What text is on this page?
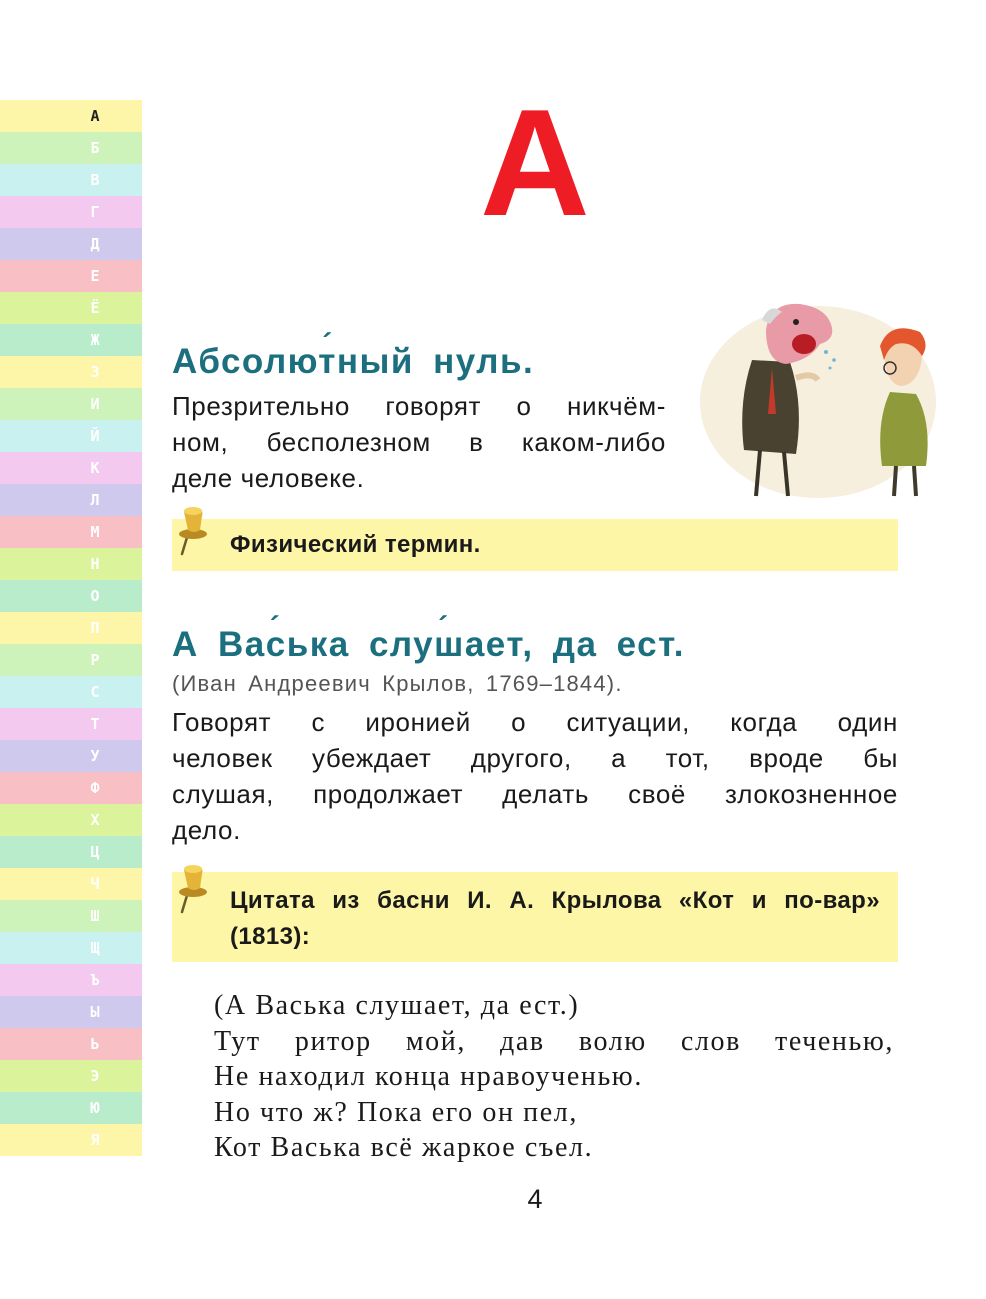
А
Б
В
Г
Д
Е
Ё
Ж
З
И
Й
К
Л
М
Н
О
П
Р
С
Т
У
Ф
Х
Ц
Ч
Ш
Щ
Ъ
Ы
Ь
Э
Ю
Я
А
Абсолют ´ный нуль.

Презрительно говорят о никчём-
ном, бесполезном в каком-либо
деле человеке.

Физический термин.

А Вас ´ька слуш ´ает, да ест.

(Иван Андреевич Крылов, 1769–1844).

Говорят с иронией о ситуации, когда один
человек убеждает другого, а тот, вроде бы
слушая, продолжает делать своё злокозненное
дело.

Цитата из басни И. А. Крылова «Кот и по-вар» (1813):

(А Васька слушает, да ест.)
Тут ритор мой, дав волю слов теченью,
Не находил конца нравоученью.
Но что ж? Пока его он пел,
Кот Васька всё жаркое съел.

4
